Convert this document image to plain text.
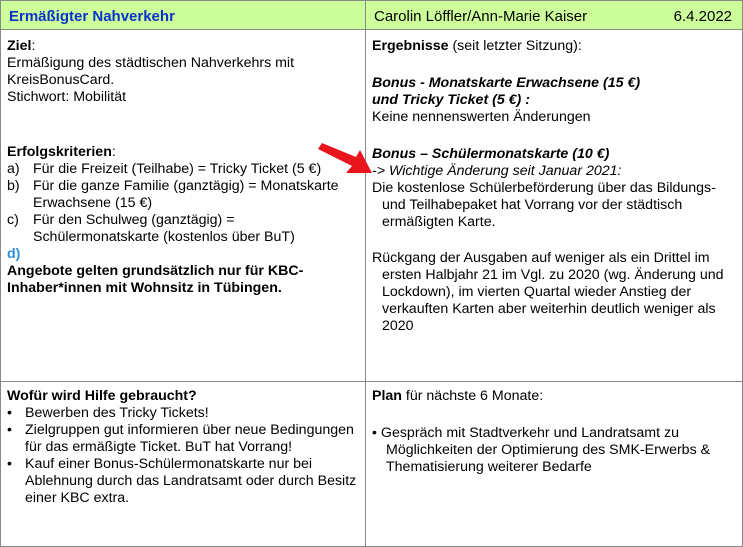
Ermäßigter Nahverkehr	Carolin Löffler/Ann-Marie Kaiser	6.4.2022
Ziel:
Ermäßigung des städtischen Nahverkehrs mit KreisBonusCard.
Stichwort: Mobilität
Erfolgskriterien:
a) Für die Freizeit (Teilhabe) = Tricky Ticket (5 €)
b) Für die ganze Familie (ganztägig) = Monatskarte Erwachsene (15 €)
c) Für den Schulweg (ganztägig) = Schülermonatskarte (kostenlos über BuT)
d)
Angebote gelten grundsätzlich nur für KBC-Inhaber*innen mit Wohnsitz in Tübingen.
Ergebnisse (seit letzter Sitzung):
Bonus - Monatskarte Erwachsene (15 €)
und Tricky Ticket (5 €) :
Keine nennenswerten Änderungen
Bonus – Schülermonatskarte (10 €)
-> Wichtige Änderung seit Januar 2021:
Die kostenlose Schülerbeförderung über das Bildungs- und Teilhabepaket hat Vorrang vor der städtisch ermäßigten Karte.
Rückgang der Ausgaben auf weniger als ein Drittel im ersten Halbjahr 21 im Vgl. zu 2020 (wg. Änderung und Lockdown), im vierten Quartal wieder Anstieg der verkauften Karten aber weiterhin deutlich weniger als 2020
Wofür wird Hilfe gebraucht?
• Bewerben des Tricky Tickets!
• Zielgruppen gut informieren über neue Bedingungen für das ermäßigte Ticket. BuT hat Vorrang!
• Kauf einer Bonus-Schülermonatskarte nur bei Ablehnung durch das Landratsamt oder durch Besitz einer KBC extra.
Plan für nächste 6 Monate:
• Gespräch mit Stadtverkehr und Landratsamt zu Möglichkeiten der Optimierung des SMK-Erwerbs & Thematisierung weiterer Bedarfe
